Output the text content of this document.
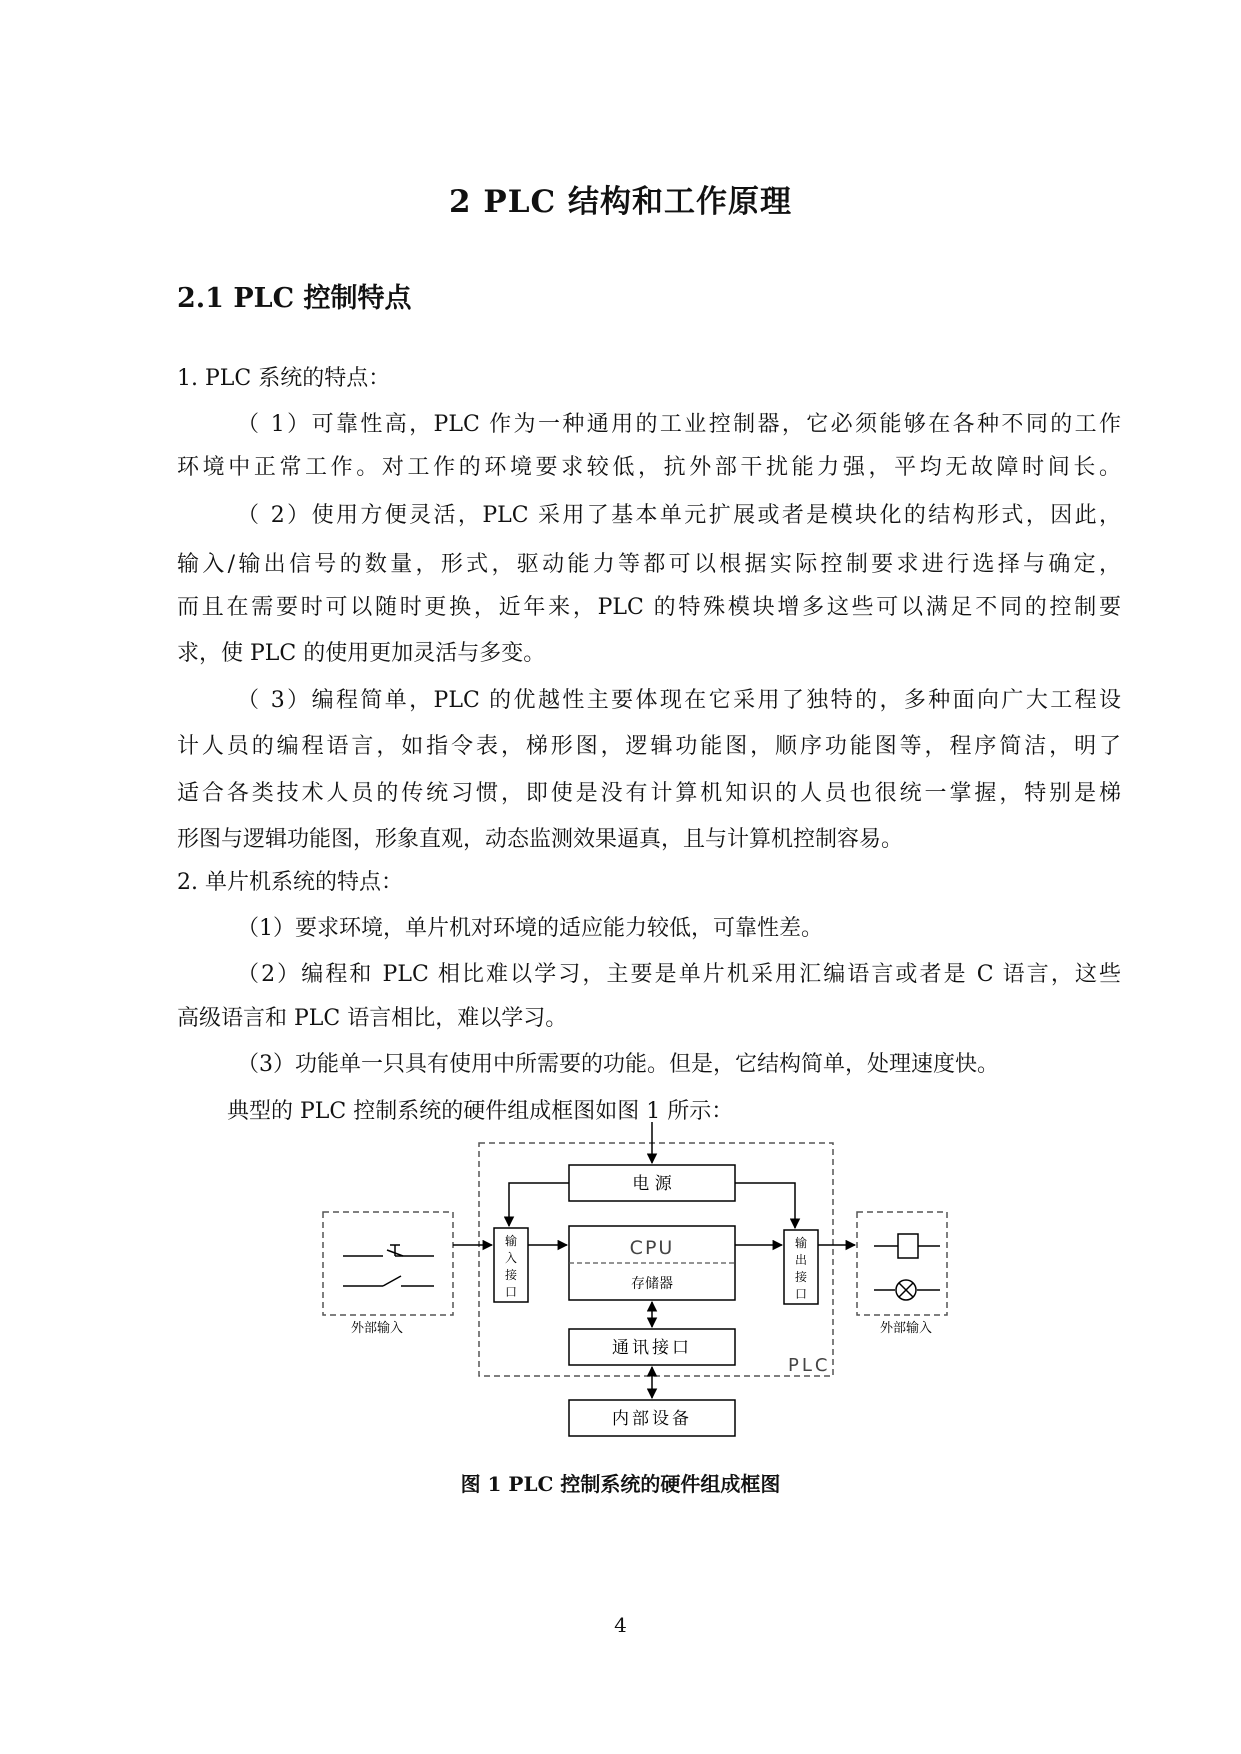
2 PLC 结构和工作原理
2.1 PLC 控制特点
1. PLC 系统的特点：
（ 1）可靠性高，PLC 作为一种通用的工业控制器，它必须能够在各种不同的工作
环境中正常工作。对工作的环境要求较低，抗外部干扰能力强，平均无故障时间长。
（ 2）使用方便灵活，PLC 采用了基本单元扩展或者是模块化的结构形式，因此，
输入/输出信号的数量，形式，驱动能力等都可以根据实际控制要求进行选择与确定，
而且在需要时可以随时更换，近年来，PLC 的特殊模块增多这些可以满足不同的控制要
求，使 PLC 的使用更加灵活与多变。
（ 3）编程简单，PLC 的优越性主要体现在它采用了独特的，多种面向广大工程设
计人员的编程语言，如指令表，梯形图，逻辑功能图，顺序功能图等，程序简洁，明了
适合各类技术人员的传统习惯，即使是没有计算机知识的人员也很统一掌握，特别是梯
形图与逻辑功能图，形象直观，动态监测效果逼真，且与计算机控制容易。
2. 单片机系统的特点：
（1）要求环境，单片机对环境的适应能力较低，可靠性差。
（2）编程和 PLC 相比难以学习，主要是单片机采用汇编语言或者是 C 语言，这些
高级语言和 PLC 语言相比，难以学习。
（3）功能单一只具有使用中所需要的功能。但是，它结构简单，处理速度快。
典型的 PLC 控制系统的硬件组成框图如图 1 所示：
PLC
外部输入	外部输入
电 源
输
入
接
口
CPU
存储器
输
出
接
口
通讯接口
内部设备
图 1 PLC 控制系统的硬件组成框图
4
